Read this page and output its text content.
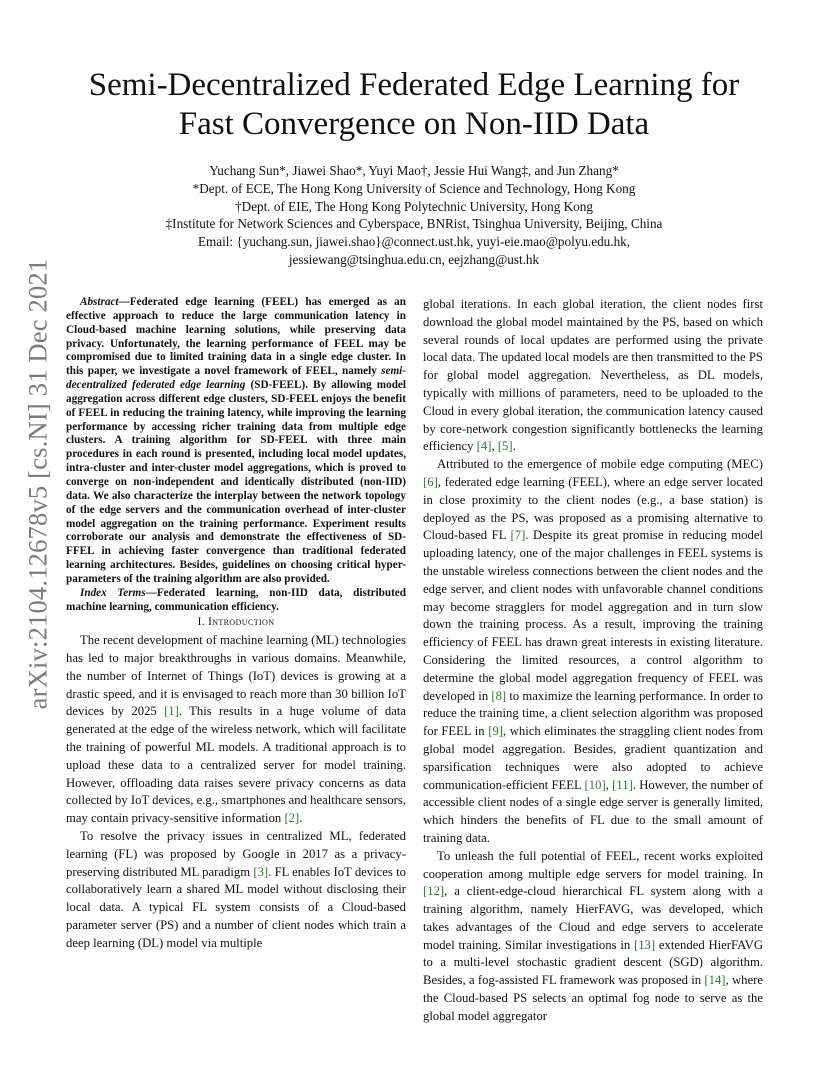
arXiv:2104.12678v5 [cs.NI] 31 Dec 2021
Semi-Decentralized Federated Edge Learning for
Fast Convergence on Non-IID Data
Yuchang Sun*, Jiawei Shao*, Yuyi Mao†, Jessie Hui Wang‡, and Jun Zhang*
*Dept. of ECE, The Hong Kong University of Science and Technology, Hong Kong
†Dept. of EIE, The Hong Kong Polytechnic University, Hong Kong
‡Institute for Network Sciences and Cyberspace, BNRist, Tsinghua University, Beijing, China
Email: {yuchang.sun, jiawei.shao}@connect.ust.hk, yuyi-eie.mao@polyu.edu.hk,
jessiewang@tsinghua.edu.cn, eejzhang@ust.hk

Abstract—Federated edge learning (FEEL) has emerged as an effective approach to reduce the large communication latency in Cloud-based machine learning solutions, while preserving data privacy. Unfortunately, the learning performance of FEEL may be compromised due to limited training data in a single edge cluster. In this paper, we investigate a novel framework of FEEL, namely semi-decentralized federated edge learning (SD-FEEL). By allowing model aggregation across different edge clusters, SD-FEEL enjoys the benefit of FEEL in reducing the training latency, while improving the learning performance by accessing richer training data from multiple edge clusters. A training algorithm for SD-FEEL with three main procedures in each round is presented, including local model updates, intra-cluster and inter-cluster model aggregations, which is proved to converge on non-independent and identically distributed (non-IID) data. We also characterize the interplay between the network topology of the edge servers and the communication overhead of inter-cluster model aggregation on the training performance. Experiment results corroborate our analysis and demonstrate the effectiveness of SD-FFEL in achieving faster convergence than traditional federated learning architectures. Besides, guidelines on choosing critical hyper-parameters of the training algorithm are also provided.

Index Terms—Federated learning, non-IID data, distributed machine learning, communication efficiency.

I. Introduction

The recent development of machine learning (ML) technologies has led to major breakthroughs in various domains. Meanwhile, the number of Internet of Things (IoT) devices is growing at a drastic speed, and it is envisaged to reach more than 30 billion IoT devices by 2025 [1]. This results in a huge volume of data generated at the edge of the wireless network, which will facilitate the training of powerful ML models. A traditional approach is to upload these data to a centralized server for model training. However, offloading data raises severe privacy concerns as data collected by IoT devices, e.g., smartphones and healthcare sensors, may contain privacy-sensitive information [2].

To resolve the privacy issues in centralized ML, federated learning (FL) was proposed by Google in 2017 as a privacy-preserving distributed ML paradigm [3]. FL enables IoT devices to collaboratively learn a shared ML model without disclosing their local data. A typical FL system consists of a Cloud-based parameter server (PS) and a number of client nodes which train a deep learning (DL) model via multiple

global iterations. In each global iteration, the client nodes first download the global model maintained by the PS, based on which several rounds of local updates are performed using the private local data. The updated local models are then transmitted to the PS for global model aggregation. Nevertheless, as DL models, typically with millions of parameters, need to be uploaded to the Cloud in every global iteration, the communication latency caused by core-network congestion significantly bottlenecks the learning efficiency [4], [5].

Attributed to the emergence of mobile edge computing (MEC) [6], federated edge learning (FEEL), where an edge server located in close proximity to the client nodes (e.g., a base station) is deployed as the PS, was proposed as a promising alternative to Cloud-based FL [7]. Despite its great promise in reducing model uploading latency, one of the major challenges in FEEL systems is the unstable wireless connections between the client nodes and the edge server, and client nodes with unfavorable channel conditions may become stragglers for model aggregation and in turn slow down the training process. As a result, improving the training efficiency of FEEL has drawn great interests in existing literature. Considering the limited resources, a control algorithm to determine the global model aggregation frequency of FEEL was developed in [8] to maximize the learning performance. In order to reduce the training time, a client selection algorithm was proposed for FEEL in [9], which eliminates the straggling client nodes from global model aggregation. Besides, gradient quantization and sparsification techniques were also adopted to achieve communication-efficient FEEL [10], [11]. However, the number of accessible client nodes of a single edge server is generally limited, which hinders the benefits of FL due to the small amount of training data.

To unleash the full potential of FEEL, recent works exploited cooperation among multiple edge servers for model training. In [12], a client-edge-cloud hierarchical FL system along with a training algorithm, namely HierFAVG, was developed, which takes advantages of the Cloud and edge servers to accelerate model training. Similar investigations in [13] extended HierFAVG to a multi-level stochastic gradient descent (SGD) algorithm. Besides, a fog-assisted FL framework was proposed in [14], where the Cloud-based PS selects an optimal fog node to serve as the global model aggregator
